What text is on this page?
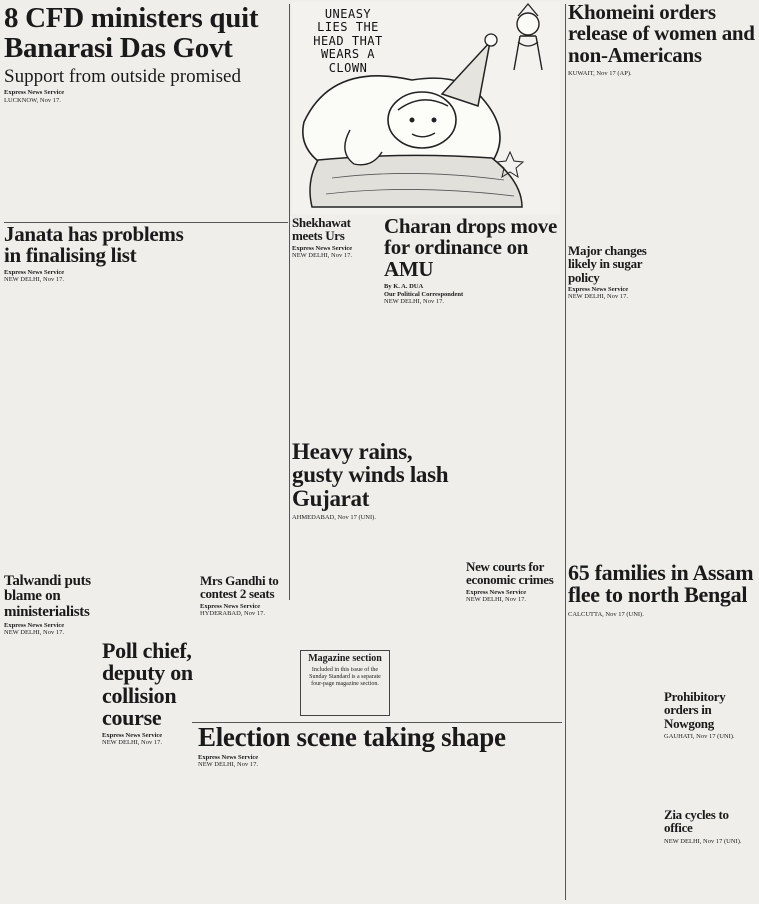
8 CFD ministers quit Banarasi Das Govt

Support from outside promised

Express News Service

LUCKNOW, Nov 17.

Janata has problems in finalising list

Express News Service

NEW DELHI, Nov 17.

Talwandi puts blame on ministerialists

Express News Service

NEW DELHI, Nov 17.

Poll chief, deputy on collision course

Express News Service

NEW DELHI, Nov 17.

Mrs Gandhi to contest 2 seats

Express News Service

HYDERABAD, Nov 17.

UNEASY LIES THE HEAD THAT WEARS A CLOWN
Shekhawat meets Urs

Express News Service

NEW DELHI, Nov 17.

Charan drops move for ordinance on AMU

By K. A. DUA

Our Political Correspondent

NEW DELHI, Nov 17.

Heavy rains, gusty winds lash Gujarat

AHMEDABAD, Nov 17 (UNI).

Magazine section
Included in this issue of the Sunday Standard is a separate four-page magazine section.
New courts for economic crimes

Express News Service

NEW DELHI, Nov 17.

Election scene taking shape

Express News Service

NEW DELHI, Nov 17.

Khomeini orders release of women and non-Americans

KUWAIT, Nov 17 (AP).

Major changes likely in sugar policy

Express News Service

NEW DELHI, Nov 17.

65 families in Assam flee to north Bengal

CALCUTTA, Nov 17 (UNI).

Prohibitory orders in Nowgong

GAUHATI, Nov 17 (UNI).

Zia cycles to office

NEW DELHI, Nov 17 (UNI).
